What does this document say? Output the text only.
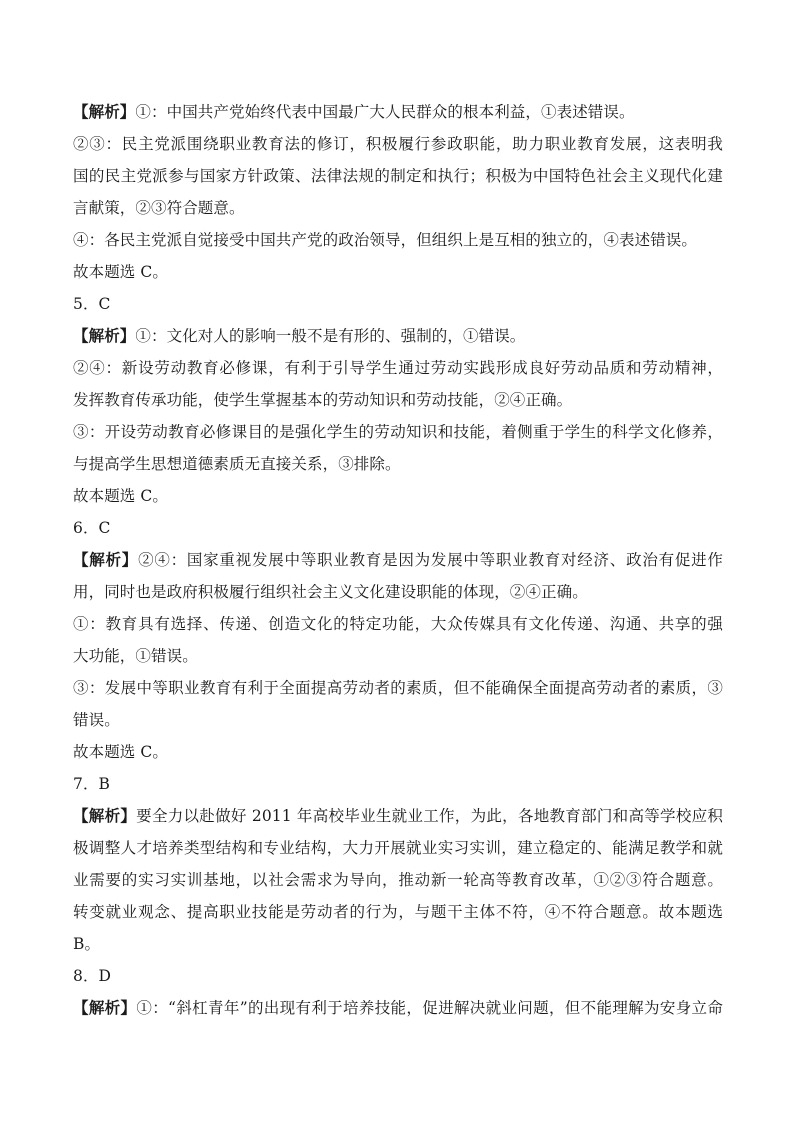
【解析】①：中国共产党始终代表中国最广大人民群众的根本利益，①表述错误。
②③：民主党派围绕职业教育法的修订，积极履行参政职能，助力职业教育发展，这表明我
国的民主党派参与国家方针政策、法律法规的制定和执行；积极为中国特色社会主义现代化建
言献策，②③符合题意。
④：各民主党派自觉接受中国共产党的政治领导，但组织上是互相的独立的，④表述错误。
故本题选 C。
5．C
【解析】①：文化对人的影响一般不是有形的、强制的，①错误。
②④：新设劳动教育必修课，有利于引导学生通过劳动实践形成良好劳动品质和劳动精神，
发挥教育传承功能，使学生掌握基本的劳动知识和劳动技能，②④正确。
③：开设劳动教育必修课目的是强化学生的劳动知识和技能，着侧重于学生的科学文化修养，
与提高学生思想道德素质无直接关系，③排除。
故本题选 C。
6．C
【解析】②④：国家重视发展中等职业教育是因为发展中等职业教育对经济、政治有促进作
用，同时也是政府积极履行组织社会主义文化建设职能的体现，②④正确。
①：教育具有选择、传递、创造文化的特定功能，大众传媒具有文化传递、沟通、共享的强
大功能，①错误。
③：发展中等职业教育有利于全面提高劳动者的素质，但不能确保全面提高劳动者的素质，③
错误。
故本题选 C。
7．B
【解析】要全力以赴做好 2011 年高校毕业生就业工作，为此，各地教育部门和高等学校应积
极调整人才培养类型结构和专业结构，大力开展就业实习实训，建立稳定的、能满足教学和就
业需要的实习实训基地，以社会需求为导向，推动新一轮高等教育改革，①②③符合题意。
转变就业观念、提高职业技能是劳动者的行为，与题干主体不符，④不符合题意。故本题选
B。
8．D
【解析】①：“斜杠青年”的出现有利于培养技能，促进解决就业问题，但不能理解为安身立命
